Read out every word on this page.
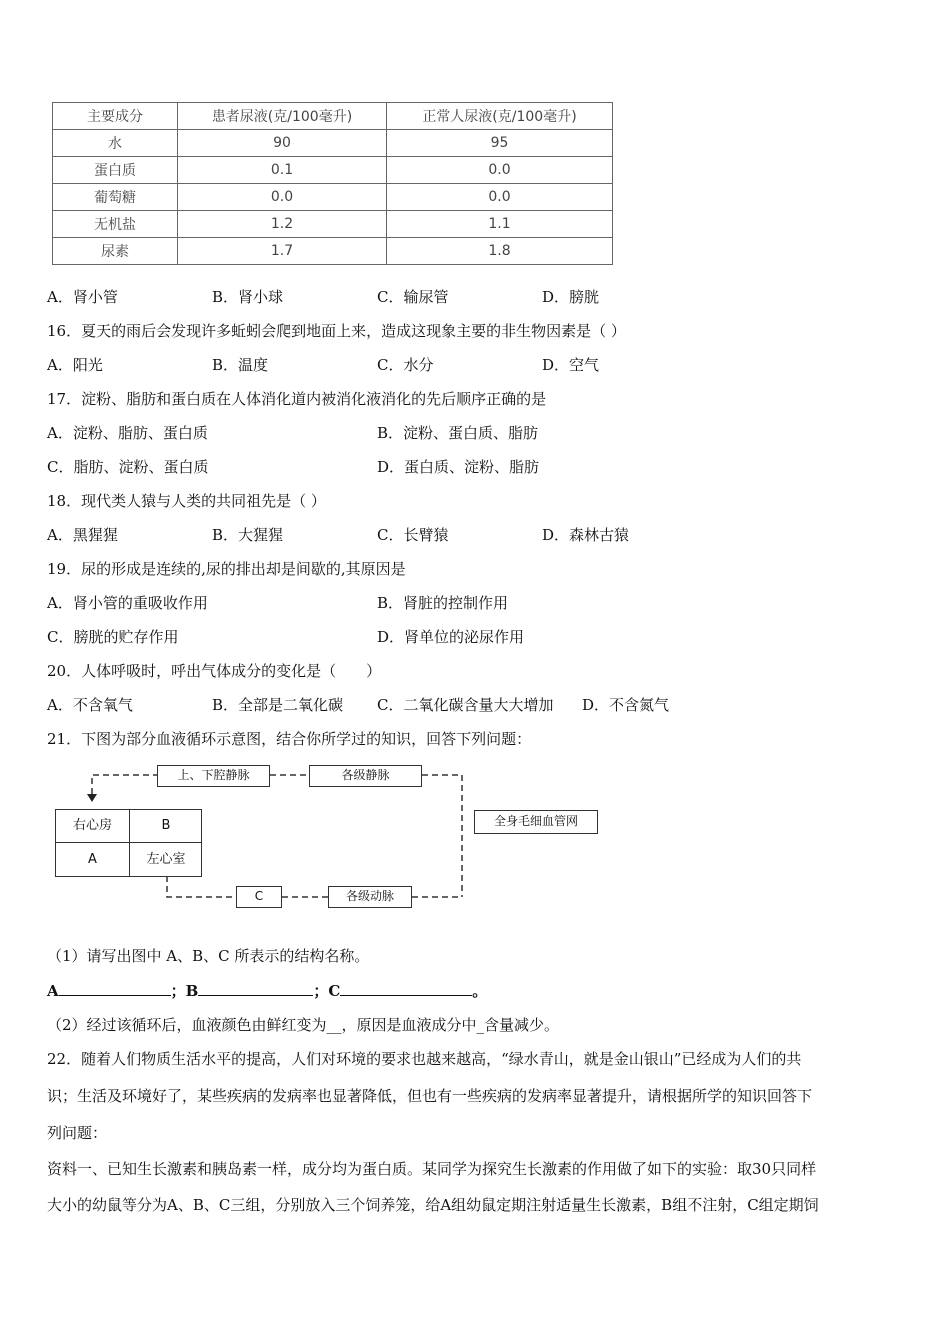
主要成分	患者尿液(克/100毫升)	正常人尿液(克/100毫升)
水	90	95
蛋白质	0.1	0.0
葡萄糖	0.0	0.0
无机盐	1.2	1.1
尿素	1.7	1.8
A．肾小管	B．肾小球	C．输尿管	D．膀胱
16．夏天的雨后会发现许多蚯蚓会爬到地面上来，造成这现象主要的非生物因素是（ ）
A．阳光	B．温度	C．水分	D．空气
17．淀粉、脂肪和蛋白质在人体消化道内被消化液消化的先后顺序正确的是
A．淀粉、脂肪、蛋白质	B．淀粉、蛋白质、脂肪
C．脂肪、淀粉、蛋白质	D．蛋白质、淀粉、脂肪
18．现代类人猿与人类的共同祖先是（ ）
A．黑猩猩	B．大猩猩	C．长臂猿	D．森林古猿
19．尿的形成是连续的,尿的排出却是间歇的,其原因是
A．肾小管的重吸收作用	B．肾脏的控制作用
C．膀胱的贮存作用	D．肾单位的泌尿作用
20．人体呼吸时，呼出气体成分的变化是（　　）
A．不含氧气	B．全部是二氧化碳 C．二氧化碳含量大大增加 D．不含氮气
21．下图为部分血液循环示意图，结合你所学过的知识，回答下列问题：
上、下腔静脉	各级静脉
全身毛细血管网
C	各级动脉
右心房	B
A	左心室
（1）请写出图中 A、B、C 所表示的结构名称。
A	；B	；C	。
（2）经过该循环后，血液颜色由鲜红变为__，原因是血液成分中_含量减少。
22．随着人们物质生活水平的提高，人们对环境的要求也越来越高，“绿水青山，就是金山银山”已经成为人们的共
识；生活及环境好了，某些疾病的发病率也显著降低，但也有一些疾病的发病率显著提升，请根据所学的知识回答下
列问题：
资料一、已知生长激素和胰岛素一样，成分均为蛋白质。某同学为探究生长激素的作用做了如下的实验：取30只同样
大小的幼鼠等分为A、B、C三组，分别放入三个饲养笼，给A组幼鼠定期注射适量生长激素，B组不注射，C组定期饲
